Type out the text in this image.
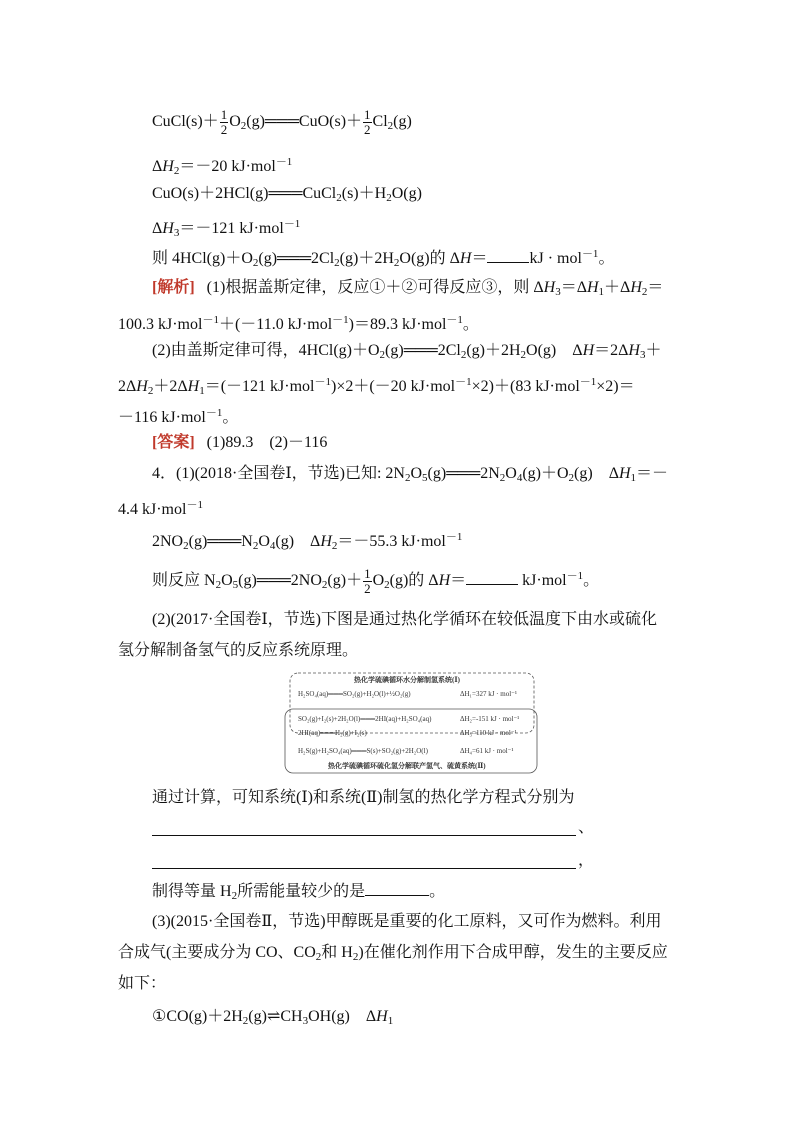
CuCl(s)＋ $\frac{1}{2}$ $O_2(g)═══CuO(s)+ \frac{1}{2} Cl_2(g)$
$\Delta H_2=-20$ kJ·mol$^{-1}$
$CuO(s)+2HCl(g)═══CuCl_2(s)+H_2O(g)$
$\Delta H_3=-121$ kJ·mol$^{-1}$
则 $4HCl(g)+O_2(g)═══2Cl_2(g)+2H_2O(g)$的 ΔH＝	kJ · mol$^{-1}$。
[解析] (1)根据盖斯定律，反应①＋②可得反应③，则 $\Delta H_3=\Delta H_1+\Delta H_2=$
100.3 kJ·mol$^{-1}$＋(－11.0 kJ·mol$^{-1}$)＝89.3 kJ·mol$^{-1}$。
(2)由盖斯定律可得，$4HCl(g)+O_2(g)═══2Cl_2(g)+2H_2O(g)$　$\Delta H=2\Delta H_3+$
$2\Delta H_2+2\Delta H_1=(-121$ kJ·mol$^{-1}$)×2＋(－20 kJ·mol$^{-1}$×2)＋(83 kJ·mol$^{-1}$×2)＝
－116 kJ·mol$^{-1}$。
[答案] (1)89.3　(2)－116
4．(1)(2018·全国卷Ⅰ，节选)已知: $2N_2O_5(g)═══2N_2O_4(g)+O_2(g)$　$\Delta H_1=-$
4.4 kJ·mol$^{-1}$
$2NO_2(g)═══N_2O_4(g)$　$\Delta H_2=-55.3$ kJ·mol$^{-1}$
则反应 $N_2O_5(g)═══2NO_2(g)+ \frac{1}{2} O_2(g)$的 ΔH＝	kJ·mol$^{-1}$。
(2)(2017·全国卷Ⅰ，节选)下图是通过热化学循环在较低温度下由水或硫化
氢分解制备氢气的反应系统原理。
热化学硫碘循环水分解制氢系统(Ⅰ)
H₂SO₄(aq)═══SO₂(g)+H₂O(l)+½O₂(g)	ΔH₁=327 kJ · mol⁻¹
SO₂(g)+I₂(s)+2H₂O(l)═══2HI(aq)+H₂SO₄(aq)	ΔH₂=-151 kJ · mol⁻¹
2HI(aq)═══H₂(g)+I₂(s)	ΔH₃=110 kJ · mol⁻¹
H₂S(g)+H₂SO₄(aq)═══S(s)+SO₂(g)+2H₂O(l)	ΔH₄=61 kJ · mol⁻¹
热化学硫碘循环硫化氢分解联产氢气、硫黄系统(Ⅱ)
通过计算，可知系统(Ⅰ)和系统(Ⅱ)制氢的热化学方程式分别为
、
，
制得等量 $H_2$所需能量较少的是	。
(3)(2015·全国卷Ⅱ，节选)甲醇既是重要的化工原料，又可作为燃料。利用
合成气(主要成分为 CO、$CO_2$和 $H_2$)在催化剂作用下合成甲醇，发生的主要反应
如下：
$①CO(g)+2H_2(g)\rightleftharpoons CH_3OH(g)$　$\Delta H_1$
